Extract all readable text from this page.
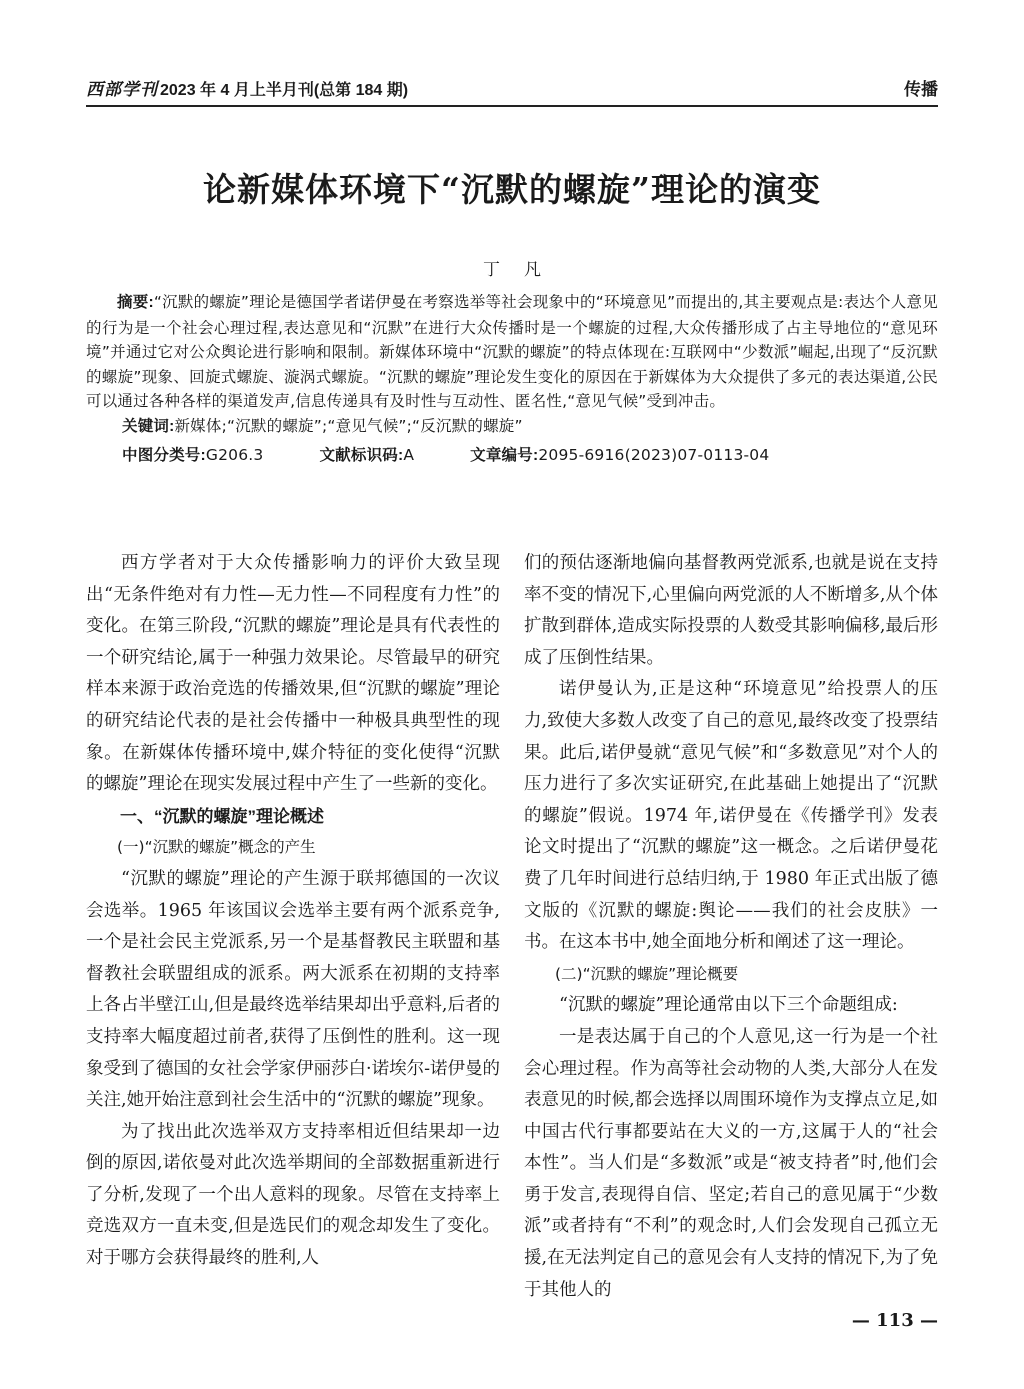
西部学刊 2023 年 4 月上半月刊(总第 184 期)	传播
论新媒体环境下“沉默的螺旋”理论的演变
丁凡

摘要:“沉默的螺旋”理论是德国学者诺伊曼在考察选举等社会现象中的“环境意见”而提出的,其主要观点是:表达个人意见的行为是一个社会心理过程,表达意见和“沉默”在进行大众传播时是一个螺旋的过程,大众传播形成了占主导地位的“意见环境”并通过它对公众舆论进行影响和限制。新媒体环境中“沉默的螺旋”的特点体现在:互联网中“少数派”崛起,出现了“反沉默的螺旋”现象、回旋式螺旋、漩涡式螺旋。“沉默的螺旋”理论发生变化的原因在于新媒体为大众提供了多元的表达渠道,公民可以通过各种各样的渠道发声,信息传递具有及时性与互动性、匿名性,“意见气候”受到冲击。

关键词:新媒体;“沉默的螺旋”;“意见气候”;“反沉默的螺旋”
中图分类号:G206.3	文献标识码:A	文章编号:2095-6916(2023)07-0113-04

西方学者对于大众传播影响力的评价大致呈现出“无条件绝对有力性—无力性—不同程度有力性”的变化。在第三阶段,“沉默的螺旋”理论是具有代表性的一个研究结论,属于一种强力效果论。尽管最早的研究样本来源于政治竞选的传播效果,但“沉默的螺旋”理论的研究结论代表的是社会传播中一种极具典型性的现象。在新媒体传播环境中,媒介特征的变化使得“沉默的螺旋”理论在现实发展过程中产生了一些新的变化。

一、“沉默的螺旋”理论概述

(一)“沉默的螺旋”概念的产生

“沉默的螺旋”理论的产生源于联邦德国的一次议会选举。1965 年该国议会选举主要有两个派系竞争,一个是社会民主党派系,另一个是基督教民主联盟和基督教社会联盟组成的派系。两大派系在初期的支持率上各占半壁江山,但是最终选举结果却出乎意料,后者的支持率大幅度超过前者,获得了压倒性的胜利。这一现象受到了德国的女社会学家伊丽莎白·诺埃尔-诺伊曼的关注,她开始注意到社会生活中的“沉默的螺旋”现象。

为了找出此次选举双方支持率相近但结果却一边倒的原因,诺依曼对此次选举期间的全部数据重新进行了分析,发现了一个出人意料的现象。尽管在支持率上竞选双方一直未变,但是选民们的观念却发生了变化。对于哪方会获得最终的胜利,人

们的预估逐渐地偏向基督教两党派系,也就是说在支持率不变的情况下,心里偏向两党派的人不断增多,从个体扩散到群体,造成实际投票的人数受其影响偏移,最后形成了压倒性结果。

诺伊曼认为,正是这种“环境意见”给投票人的压力,致使大多数人改变了自己的意见,最终改变了投票结果。此后,诺伊曼就“意见气候”和“多数意见”对个人的压力进行了多次实证研究,在此基础上她提出了“沉默的螺旋”假说。1974 年,诺伊曼在《传播学刊》发表论文时提出了“沉默的螺旋”这一概念。之后诺伊曼花费了几年时间进行总结归纳,于 1980 年正式出版了德文版的《沉默的螺旋:舆论——我们的社会皮肤》一书。在这本书中,她全面地分析和阐述了这一理论。

(二)“沉默的螺旋”理论概要

“沉默的螺旋”理论通常由以下三个命题组成:

一是表达属于自己的个人意见,这一行为是一个社会心理过程。作为高等社会动物的人类,大部分人在发表意见的时候,都会选择以周围环境作为支撑点立足,如中国古代行事都要站在大义的一方,这属于人的“社会本性”。当人们是“多数派”或是“被支持者”时,他们会勇于发言,表现得自信、坚定;若自己的意见属于“少数派”或者持有“不利”的观念时,人们会发现自己孤立无援,在无法判定自己的意见会有人支持的情况下,为了免于其他人的

— 113 —
